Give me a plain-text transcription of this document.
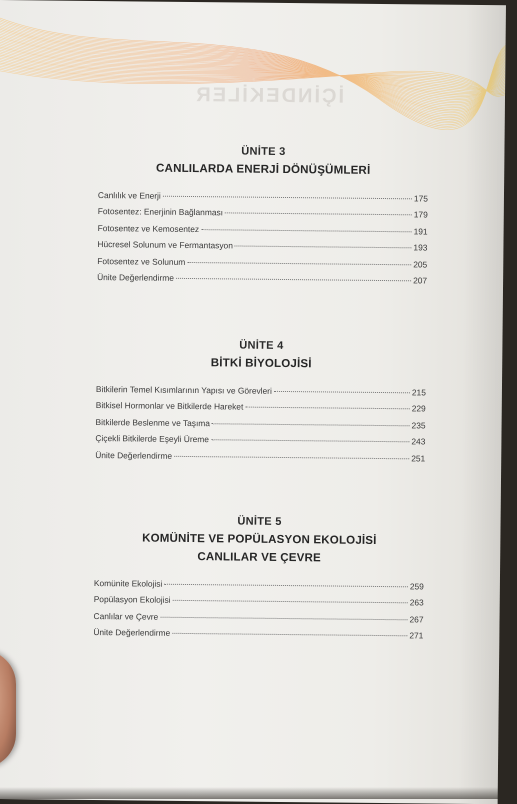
İÇİNDEKİLER
ÜNİTE 3
CANLILARDA ENERJİ DÖNÜŞÜMLERİ
Canlılık ve Enerji	175
Fotosentez: Enerjinin Bağlanması	179
Fotosentez ve Kemosentez	191
Hücresel Solunum ve Fermantasyon	193
Fotosentez ve Solunum	205
Ünite Değerlendirme	207
ÜNİTE 4
BİTKİ BİYOLOJİSİ
Bitkilerin Temel Kısımlarının Yapısı ve Görevleri	215
Bitkisel Hormonlar ve Bitkilerde Hareket	229
Bitkilerde Beslenme ve Taşıma	235
Çiçekli Bitkilerde Eşeyli Üreme	243
Ünite Değerlendirme	251
ÜNİTE 5
KOMÜNİTE VE POPÜLASYON EKOLOJİSİ
CANLILAR VE ÇEVRE
Komünite Ekolojisi	259
Popülasyon Ekolojisi	263
Canlılar ve Çevre	267
Ünite Değerlendirme	271
